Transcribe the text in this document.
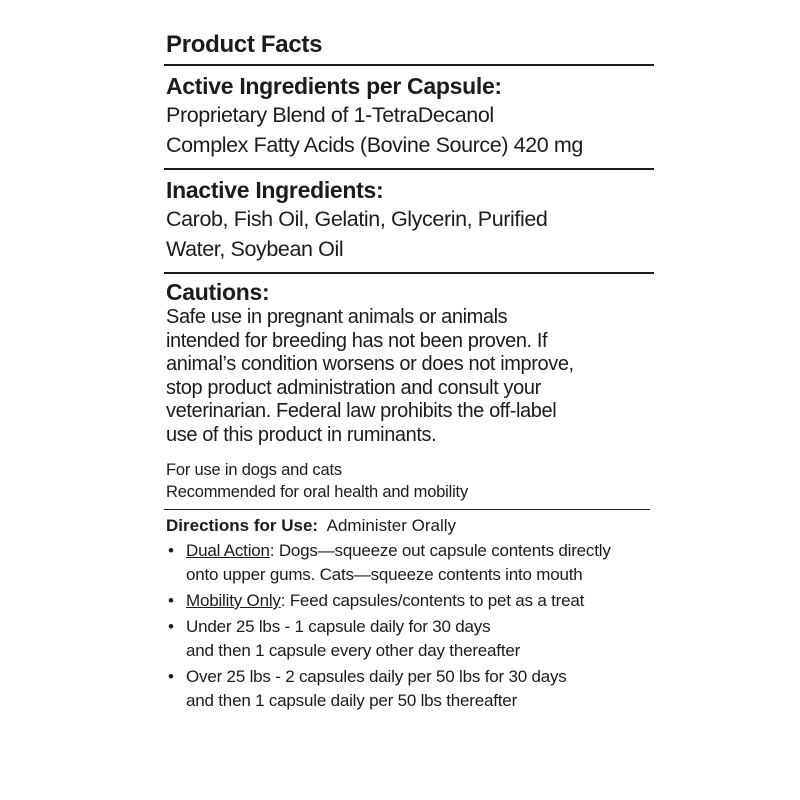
Product Facts
Active Ingredients per Capsule:
Proprietary Blend of 1-TetraDecanol
Complex Fatty Acids (Bovine Source) 420 mg
Inactive Ingredients:
Carob, Fish Oil, Gelatin, Glycerin, Purified
Water, Soybean Oil
Cautions:
Safe use in pregnant animals or animals
intended for breeding has not been proven. If
animal’s condition worsens or does not improve,
stop product administration and consult your
veterinarian. Federal law prohibits the off-label
use of this product in ruminants.
For use in dogs and cats
Recommended for oral health and mobility
Directions for Use: Administer Orally
• Dual Action: Dogs—squeeze out capsule contents directly
onto upper gums. Cats—squeeze contents into mouth
• Mobility Only: Feed capsules/contents to pet as a treat
• Under 25 lbs - 1 capsule daily for 30 days
and then 1 capsule every other day thereafter
• Over 25 lbs - 2 capsules daily per 50 lbs for 30 days
and then 1 capsule daily per 50 lbs thereafter
